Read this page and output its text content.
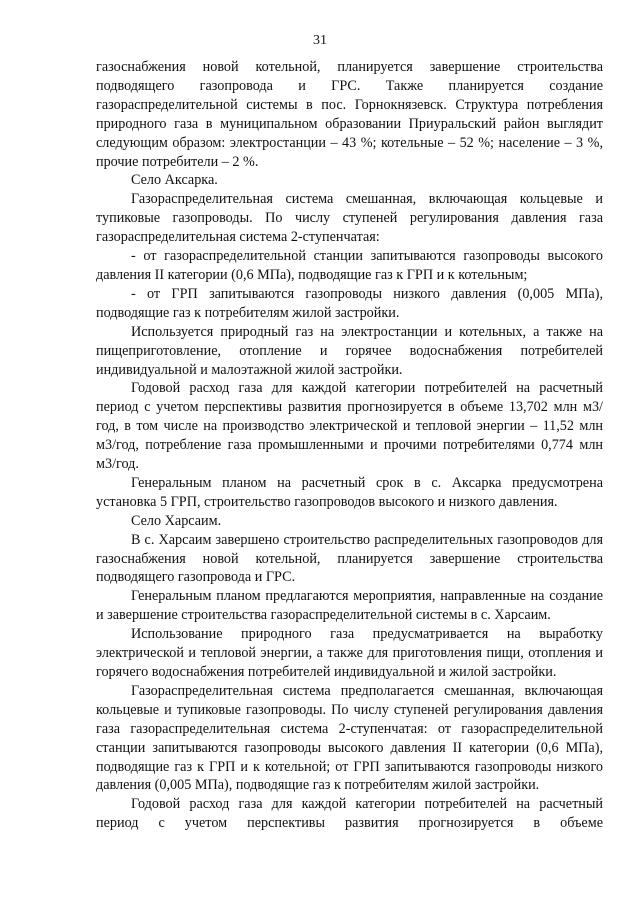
31

газоснабжения новой котельной, планируется завершение строительства подводящего газопровода и ГРС. Также планируется создание газораспределительной системы в пос. Горнокнязевск. Структура потребления природного газа в муниципальном образовании Приуральский район выглядит следующим образом: электростанции – 43 %; котельные – 52 %; население – 3 %, прочие потребители – 2 %.

Село Аксарка.

Газораспределительная система смешанная, включающая кольцевые и тупиковые газопроводы. По числу ступеней регулирования давления газа газораспределительная система 2-ступенчатая:

- от газораспределительной станции запитываются газопроводы высокого давления II категории (0,6 МПа), подводящие газ к ГРП и к котельным;

- от ГРП запитываются газопроводы низкого давления (0,005 МПа), подводящие газ к потребителям жилой застройки.

Используется природный газ на электростанции и котельных, а также на пищеприготовление, отопление и горячее водоснабжения потребителей индивидуальной и малоэтажной жилой застройки.

Годовой расход газа для каждой категории потребителей на расчетный период с учетом перспективы развития прогнозируется в объеме 13,702 млн м3/год, в том числе на производство электрической и тепловой энергии – 11,52 млн м3/год, потребление газа промышленными и прочими потребителями 0,774 млн м3/год.

Генеральным планом на расчетный срок в с. Аксарка предусмотрена установка 5 ГРП, строительство газопроводов высокого и низкого давления.

Село Харсаим.

В с. Харсаим завершено строительство распределительных газопроводов для газоснабжения новой котельной, планируется завершение строительства подводящего газопровода и ГРС.

Генеральным планом предлагаются мероприятия, направленные на создание и завершение строительства газораспределительной системы в с. Харсаим.

Использование природного газа предусматривается на выработку электрической и тепловой энергии, а также для приготовления пищи, отопления и горячего водоснабжения потребителей индивидуальной и жилой застройки.

Газораспределительная система предполагается смешанная, включающая кольцевые и тупиковые газопроводы. По числу ступеней регулирования давления газа газораспределительная система 2-ступенчатая: от газораспределительной станции запитываются газопроводы высокого давления II категории (0,6 МПа), подводящие газ к ГРП и к котельной; от ГРП запитываются газопроводы низкого давления (0,005 МПа), подводящие газ к потребителям жилой застройки.

Годовой расход газа для каждой категории потребителей на расчетный период с учетом перспективы развития прогнозируется в объеме
